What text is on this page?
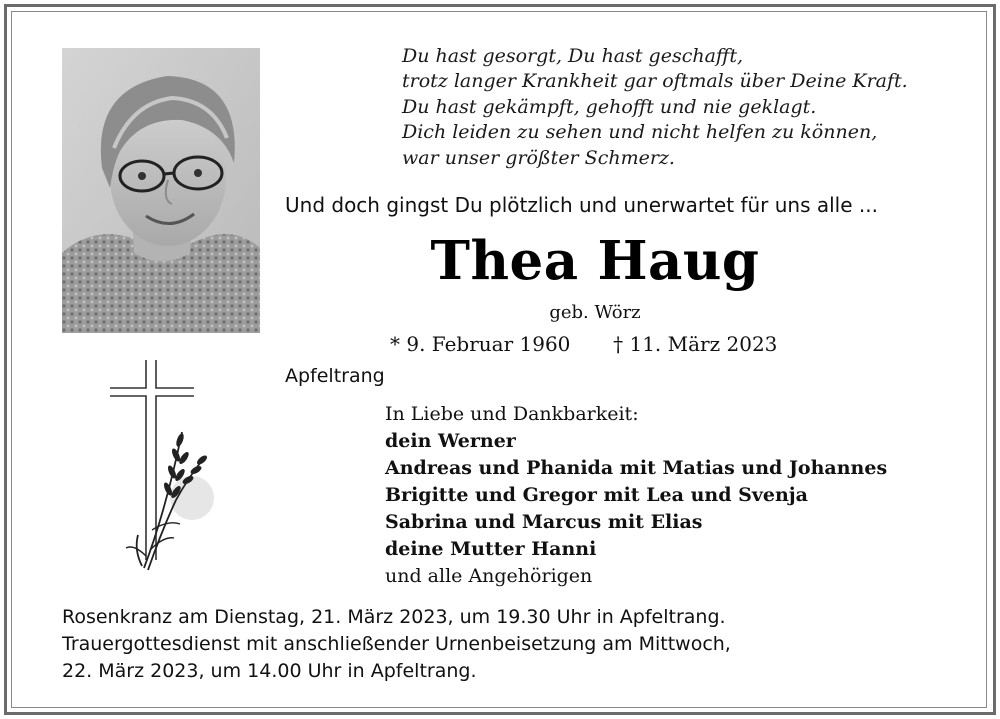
Du hast gesorgt, Du hast geschafft,
trotz langer Krankheit gar oftmals über Deine Kraft.
Du hast gekämpft, gehofft und nie geklagt.
Dich leiden zu sehen und nicht helfen zu können,
war unser größter Schmerz.
Und doch gingst Du plötzlich und unerwartet für uns alle ...
Thea Haug
geb. Wörz
* 9. Februar 1960 † 11. März 2023
Apfeltrang
In Liebe und Dankbarkeit:
dein Werner
Andreas und Phanida mit Matias und Johannes
Brigitte und Gregor mit Lea und Svenja
Sabrina und Marcus mit Elias
deine Mutter Hanni
und alle Angehörigen
Rosenkranz am Dienstag, 21. März 2023, um 19.30 Uhr in Apfeltrang.
Trauergottesdienst mit anschließender Urnenbeisetzung am Mittwoch,
22. März 2023, um 14.00 Uhr in Apfeltrang.
